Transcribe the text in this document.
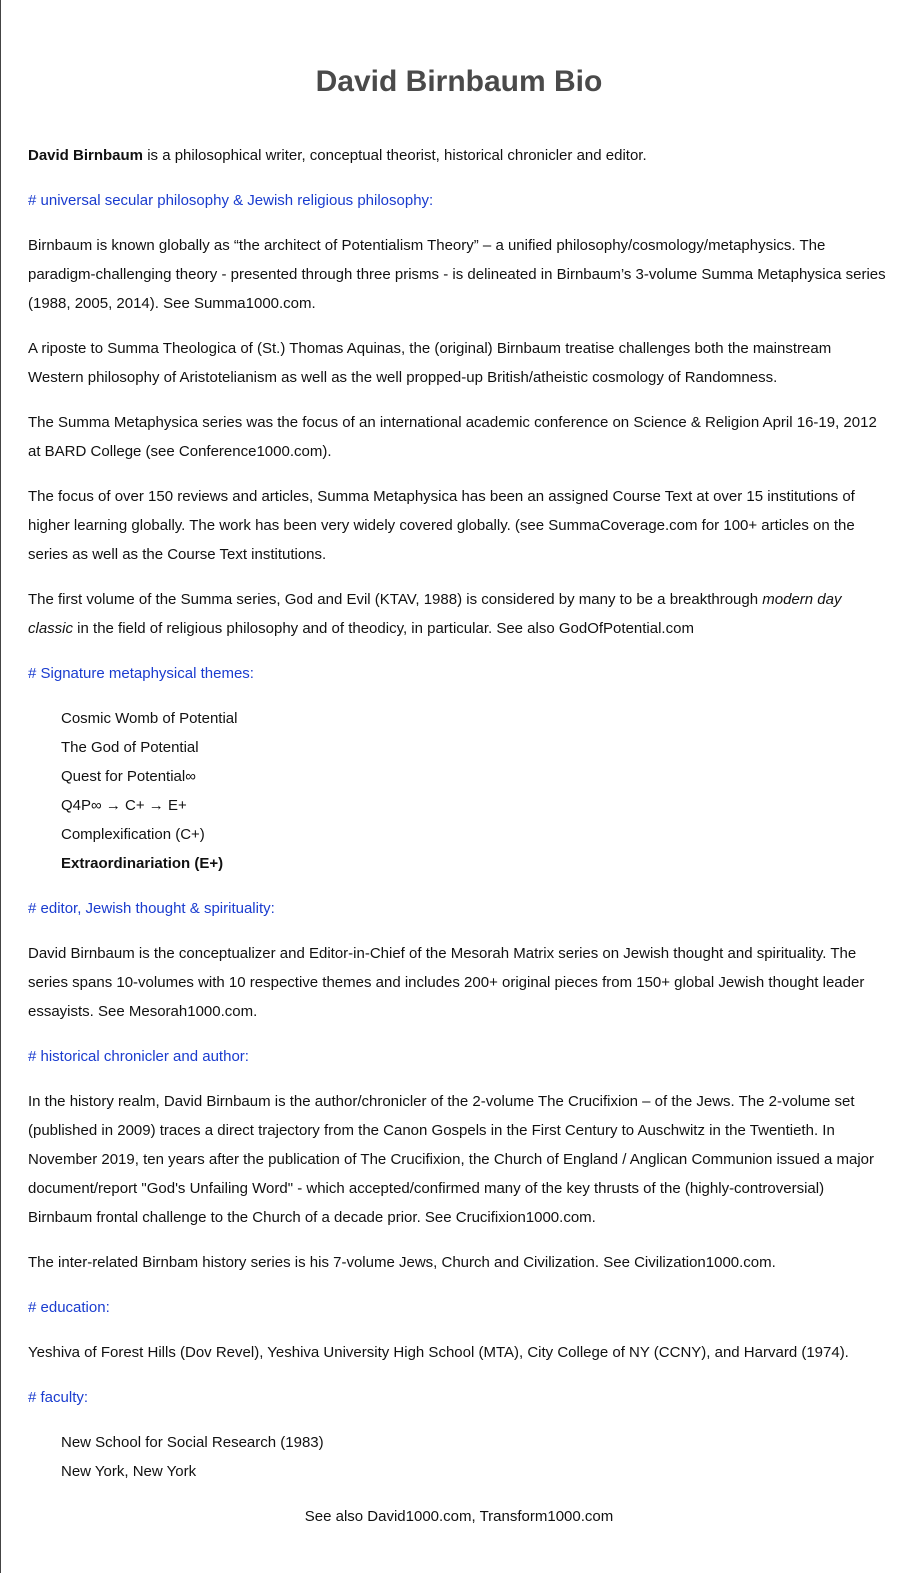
David Birnbaum Bio

David Birnbaum is a philosophical writer, conceptual theorist, historical chronicler and editor.

# universal secular philosophy & Jewish religious philosophy:

Birnbaum is known globally as “the architect of Potentialism Theory” – a unified philosophy/cosmology/metaphysics. The paradigm-challenging theory - presented through three prisms - is delineated in Birnbaum’s 3-volume Summa Metaphysica series (1988, 2005, 2014). See Summa1000.com.

A riposte to Summa Theologica of (St.) Thomas Aquinas, the (original) Birnbaum treatise challenges both the mainstream Western philosophy of Aristotelianism as well as the well propped-up British/atheistic cosmology of Randomness.

The Summa Metaphysica series was the focus of an international academic conference on Science & Religion April 16-19, 2012 at BARD College (see Conference1000.com).

The focus of over 150 reviews and articles, Summa Metaphysica has been an assigned Course Text at over 15 institutions of higher learning globally. The work has been very widely covered globally. (see SummaCoverage.com for 100+ articles on the series as well as the Course Text institutions.

The first volume of the Summa series, God and Evil (KTAV, 1988) is considered by many to be a breakthrough modern day classic in the field of religious philosophy and of theodicy, in particular. See also GodOfPotential.com

# Signature metaphysical themes:

Cosmic Womb of Potential
The God of Potential
Quest for Potential∞
Q4P∞ → C+ → E+
Complexification (C+)
Extraordinariation (E+)

# editor, Jewish thought & spirituality:

David Birnbaum is the conceptualizer and Editor-in-Chief of the Mesorah Matrix series on Jewish thought and spirituality. The series spans 10-volumes with 10 respective themes and includes 200+ original pieces from 150+ global Jewish thought leader essayists. See Mesorah1000.com.

# historical chronicler and author:

In the history realm, David Birnbaum is the author/chronicler of the 2-volume The Crucifixion – of the Jews. The 2-volume set (published in 2009) traces a direct trajectory from the Canon Gospels in the First Century to Auschwitz in the Twentieth. In November 2019, ten years after the publication of The Crucifixion, the Church of England / Anglican Communion issued a major document/report "God's Unfailing Word" - which accepted/confirmed many of the key thrusts of the (highly-controversial) Birnbaum frontal challenge to the Church of a decade prior. See Crucifixion1000.com.

The inter-related Birnbam history series is his 7-volume Jews, Church and Civilization. See Civilization1000.com.

# education:

Yeshiva of Forest Hills (Dov Revel), Yeshiva University High School (MTA), City College of NY (CCNY), and Harvard (1974).

# faculty:

New School for Social Research (1983)
New York, New York

See also David1000.com, Transform1000.com
